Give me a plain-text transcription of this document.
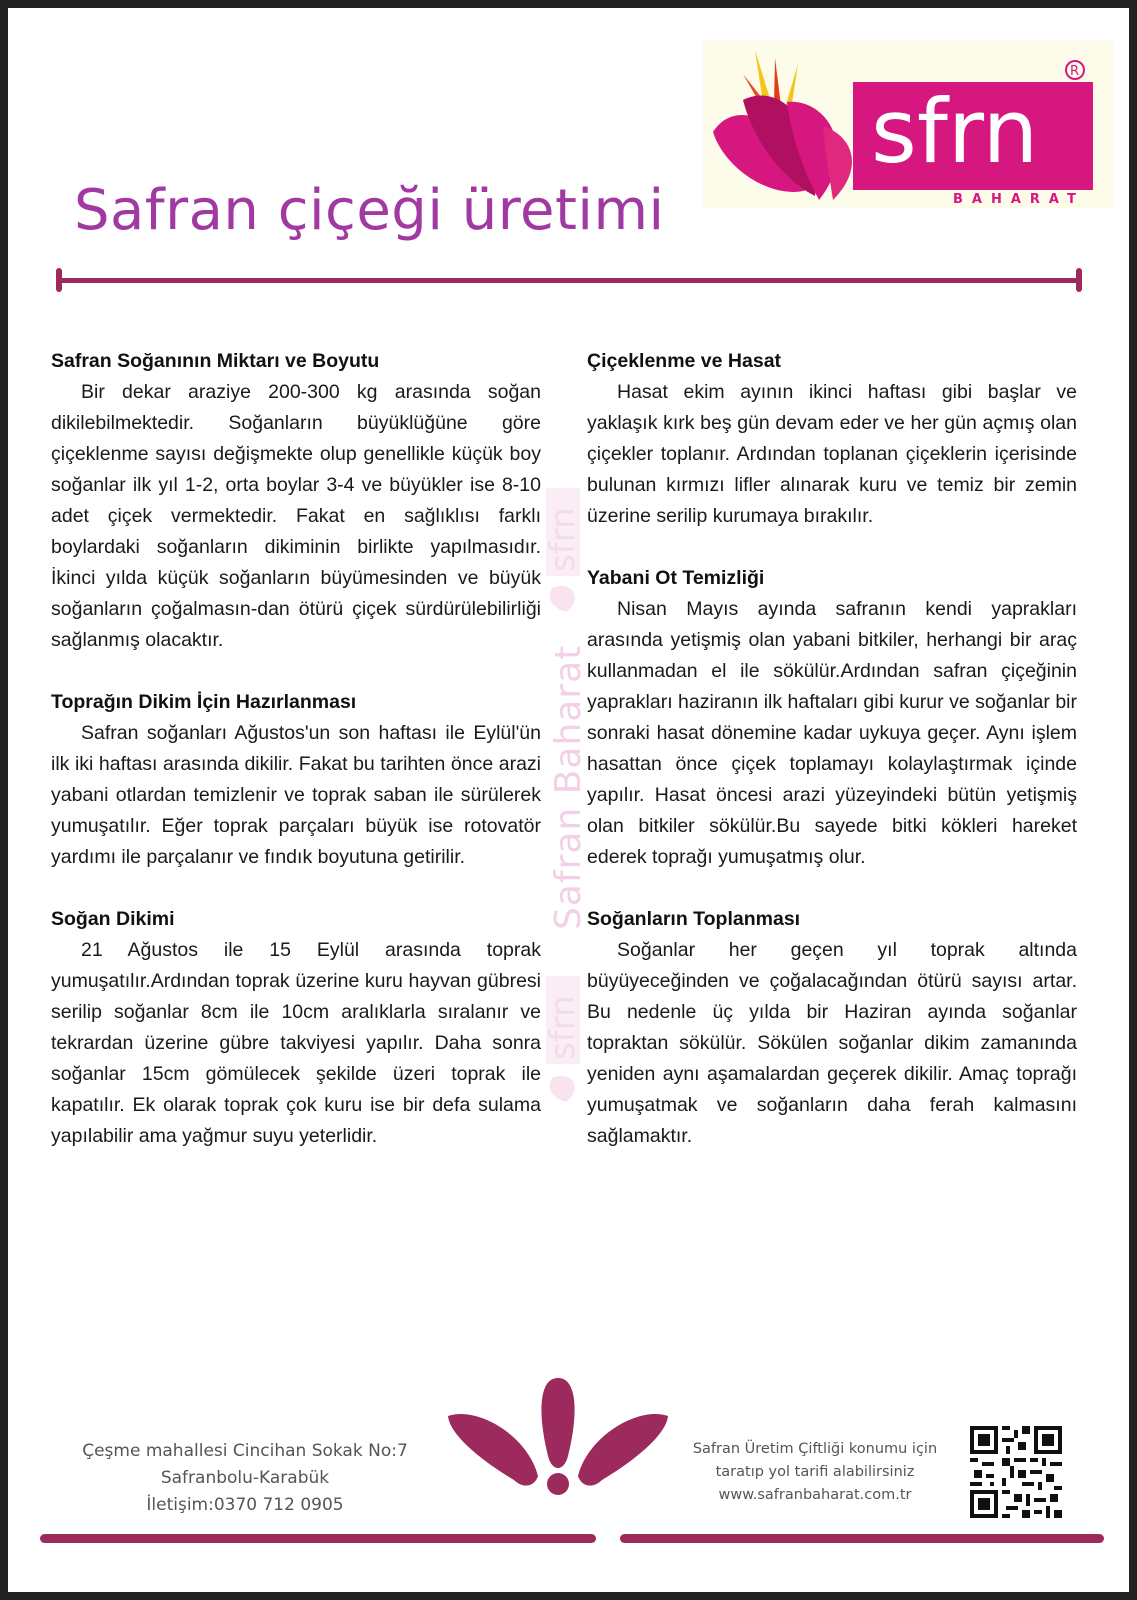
sfrn
R
BAHARAT
Safran çiçeği üretimi
sfrn
sfrn
Safran Baharat
Safran Soğanının Miktarı ve Boyutu

Bir dekar araziye 200-300 kg arasında soğan dikilebilmektedir. Soğanların büyüklüğüne göre çiçeklenme sayısı değişmekte olup genellikle küçük boy soğanlar ilk yıl 1-2, orta boylar 3-4 ve büyükler ise 8-10 adet çiçek vermektedir. Fakat en sağlıklısı farklı boylardaki soğanların dikiminin birlikte yapılmasıdır. İkinci yılda küçük soğanların büyümesinden ve büyük soğanların çoğalmasın-dan ötürü çiçek sürdürülebilirliği sağlanmış olacaktır.

Toprağın Dikim İçin Hazırlanması

Safran soğanları Ağustos'un son haftası ile Eylül'ün ilk iki haftası arasında dikilir. Fakat bu tarihten önce arazi yabani otlardan temizlenir ve toprak saban ile sürülerek yumuşatılır. Eğer toprak parçaları büyük ise rotovatör yardımı ile parçalanır ve fındık boyutuna getirilir.

Soğan Dikimi

21 Ağustos ile 15 Eylül arasında toprak yumuşatılır.Ardından toprak üzerine kuru hayvan gübresi serilip soğanlar 8cm ile 10cm aralıklarla sıralanır ve tekrardan üzerine gübre takviyesi yapılır. Daha sonra soğanlar 15cm gömülecek şekilde üzeri toprak ile kapatılır. Ek olarak toprak çok kuru ise bir defa sulama yapılabilir ama yağmur suyu yeterlidir.

Çiçeklenme ve Hasat

Hasat ekim ayının ikinci haftası gibi başlar ve yaklaşık kırk beş gün devam eder ve her gün açmış olan çiçekler toplanır. Ardından toplanan çiçeklerin içerisinde bulunan kırmızı lifler alınarak kuru ve temiz bir zemin üzerine serilip kurumaya bırakılır.

Yabani Ot Temizliği

Nisan Mayıs ayında safranın kendi yaprakları arasında yetişmiş olan yabani bitkiler, herhangi bir araç kullanmadan el ile sökülür.Ardından safran çiçeğinin yaprakları haziranın ilk haftaları gibi kurur ve soğanlar bir sonraki hasat dönemine kadar uykuya geçer. Aynı işlem hasattan önce çiçek toplamayı kolaylaştırmak içinde yapılır. Hasat öncesi arazi yüzeyindeki bütün yetişmiş olan bitkiler sökülür.Bu sayede bitki kökleri hareket ederek toprağı yumuşatmış olur.

Soğanların Toplanması

Soğanlar her geçen yıl toprak altında büyüyeceğinden ve çoğalacağından ötürü sayısı artar. Bu nedenle üç yılda bir Haziran ayında soğanlar topraktan sökülür. Sökülen soğanlar dikim zamanında yeniden aynı aşamalardan geçerek dikilir. Amaç toprağı yumuşatmak ve soğanların daha ferah kalmasını sağlamaktır.

Çeşme mahallesi Cincihan Sokak No:7
Safranbolu-Karabük
İletişim:0370 712 0905
Safran Üretim Çiftliği konumu için
taratıp yol tarifi alabilirsiniz
www.safranbaharat.com.tr
